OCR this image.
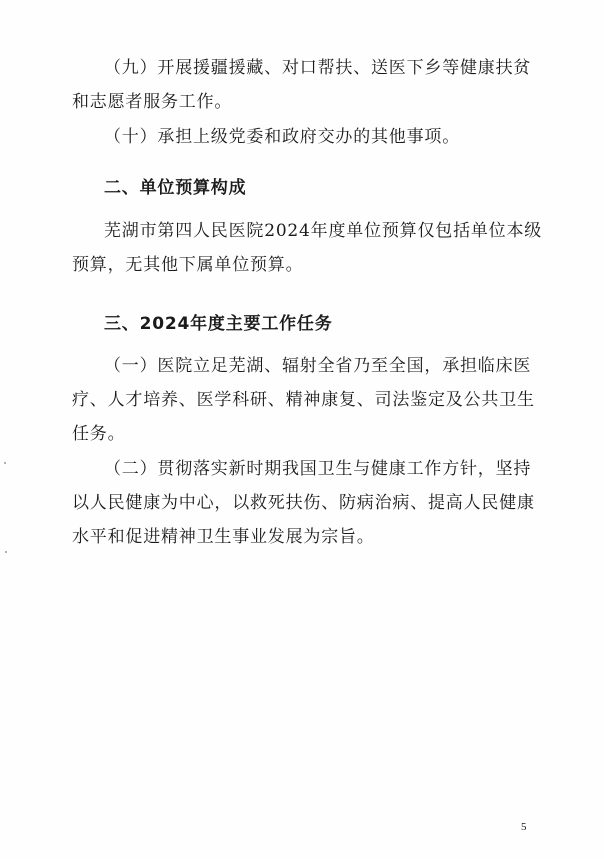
（九）开展援疆援藏、对口帮扶、送医下乡等健康扶贫
和志愿者服务工作。
（十）承担上级党委和政府交办的其他事项。
二、单位预算构成
芜湖市第四人民医院2024年度单位预算仅包括单位本级
预算，无其他下属单位预算。
三、2024年度主要工作任务
（一）医院立足芜湖、辐射全省乃至全国，承担临床医
疗、人才培养、医学科研、精神康复、司法鉴定及公共卫生
任务。
（二）贯彻落实新时期我国卫生与健康工作方针，坚持
以人民健康为中心，以救死扶伤、防病治病、提高人民健康
水平和促进精神卫生事业发展为宗旨。
5
